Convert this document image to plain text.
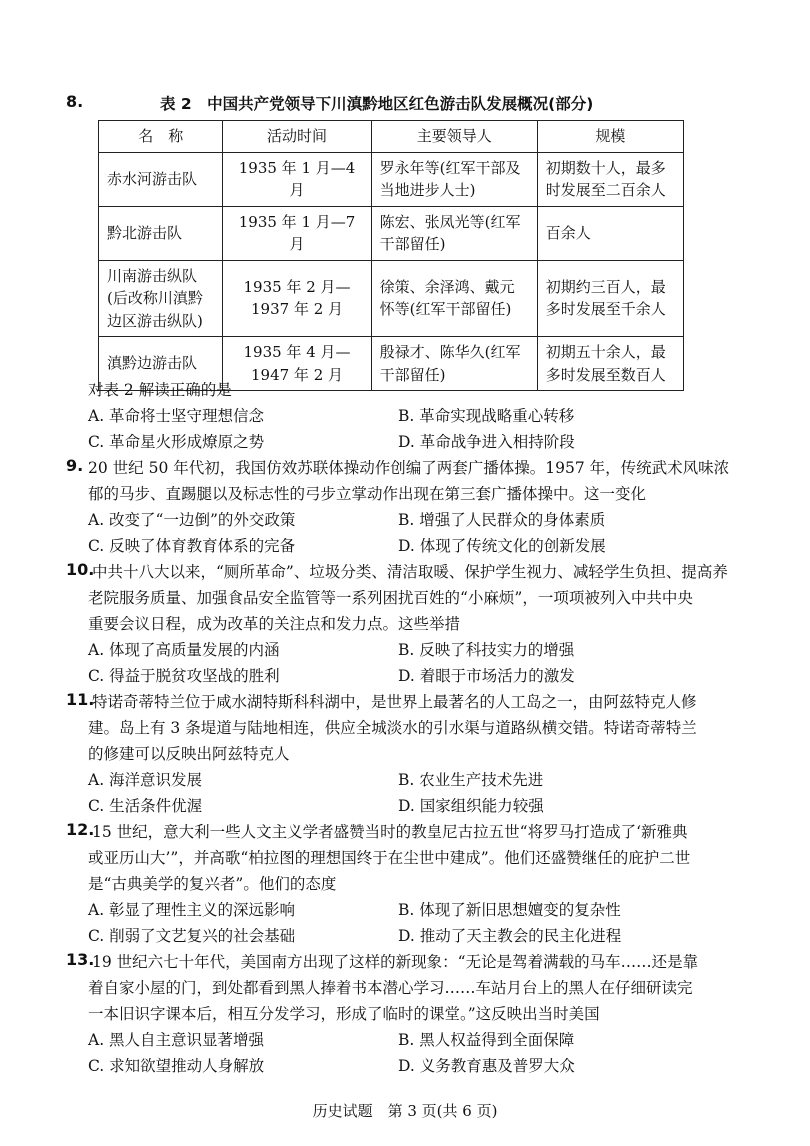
8.	表 2　中国共产党领导下川滇黔地区红色游击队发展概况(部分)
名　称	活动时间	主要领导人	规模
赤水河游击队	1935 年 1 月—4 月	罗永年等(红军干部及当地进步人士)	初期数十人，最多时发展至二百余人
黔北游击队	1935 年 1 月—7 月	陈宏、张凤光等(红军干部留任)	百余人
川南游击纵队(后改称川滇黔边区游击纵队)	1935 年 2 月—1937 年 2 月	徐策、余泽鸿、戴元怀等(红军干部留任)	初期约三百人，最多时发展至千余人
滇黔边游击队	1935 年 4 月—1947 年 2 月	殷禄才、陈华久(红军干部留任)	初期五十余人，最多时发展至数百人
对表 2 解读正确的是
A. 革命将士坚守理想信念	B. 革命实现战略重心转移
C. 革命星火形成燎原之势	D. 革命战争进入相持阶段
9. 20 世纪 50 年代初，我国仿效苏联体操动作创编了两套广播体操。1957 年，传统武术风味浓
郁的马步、直踢腿以及标志性的弓步立掌动作出现在第三套广播体操中。这一变化
A. 改变了“一边倒”的外交政策	B. 增强了人民群众的身体素质
C. 反映了体育教育体系的完备	D. 体现了传统文化的创新发展
10.
中共十八大以来，“厕所革命”、垃圾分类、清洁取暖、保护学生视力、减轻学生负担、提高养
老院服务质量、加强食品安全监管等一系列困扰百姓的“小麻烦”，一项项被列入中共中央
重要会议日程，成为改革的关注点和发力点。这些举措
A. 体现了高质量发展的内涵	B. 反映了科技实力的增强
C. 得益于脱贫攻坚战的胜利	D. 着眼于市场活力的激发
11.
特诺奇蒂特兰位于咸水湖特斯科科湖中，是世界上最著名的人工岛之一，由阿兹特克人修
建。岛上有 3 条堤道与陆地相连，供应全城淡水的引水渠与道路纵横交错。特诺奇蒂特兰
的修建可以反映出阿兹特克人
A. 海洋意识发展	B. 农业生产技术先进
C. 生活条件优渥	D. 国家组织能力较强
12.
15 世纪，意大利一些人文主义学者盛赞当时的教皇尼古拉五世“将罗马打造成了‘新雅典
或亚历山大’”，并高歌“柏拉图的理想国终于在尘世中建成”。他们还盛赞继任的庇护二世
是“古典美学的复兴者”。他们的态度
A. 彰显了理性主义的深远影响	B. 体现了新旧思想嬗变的复杂性
C. 削弱了文艺复兴的社会基础	D. 推动了天主教会的民主化进程
13.
19 世纪六七十年代，美国南方出现了这样的新现象：“无论是驾着满载的马车……还是靠
着自家小屋的门，到处都看到黑人捧着书本潜心学习……车站月台上的黑人在仔细研读完
一本旧识字课本后，相互分发学习，形成了临时的课堂。”这反映出当时美国
A. 黑人自主意识显著增强	B. 黑人权益得到全面保障
C. 求知欲望推动人身解放	D. 义务教育惠及普罗大众
历史试题　第 3 页(共 6 页)
